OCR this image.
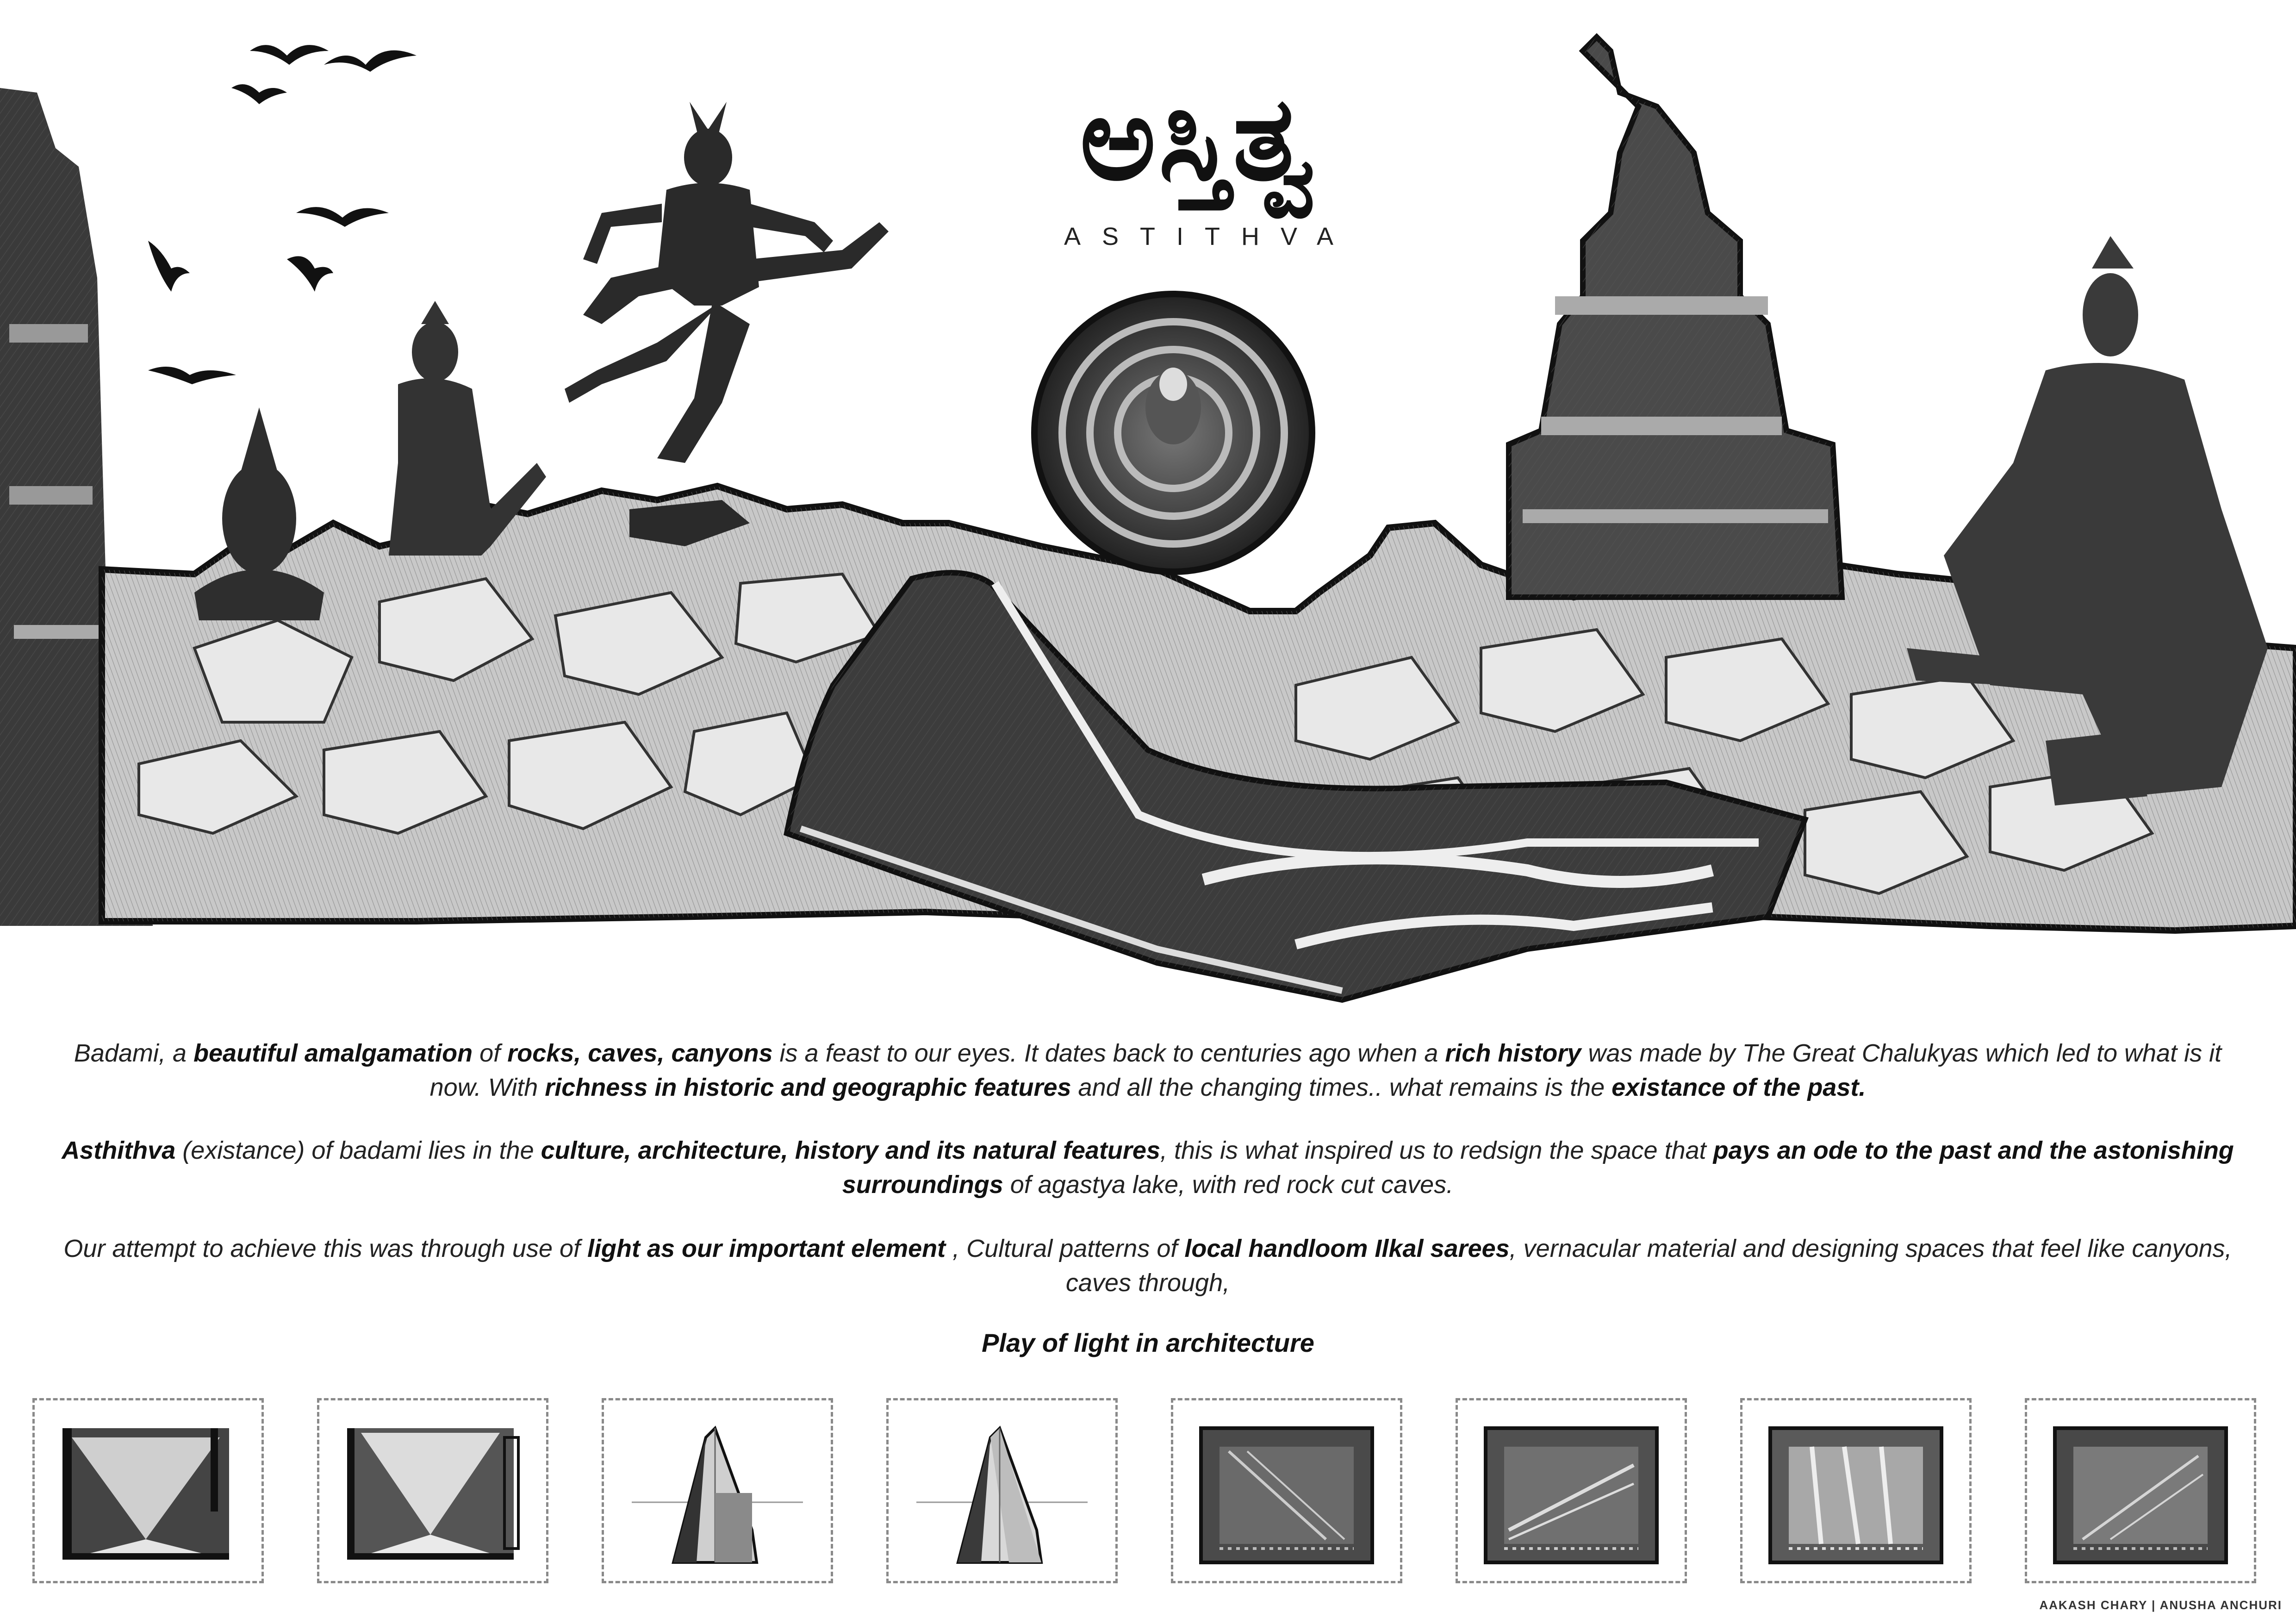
ಅಸ್ತಿತ್ವ
ASTITHVA
Badami, a beautiful amalgamation of rocks, caves, canyons is a feast to our eyes. It dates back to centuries ago when a rich history was made by The Great Chalukyas which led to what is it now. With richness in historic and geographic features and all the changing times.. what remains is the existance of the past.
Asthithva (existance) of badami lies in the culture, architecture, history and its natural features, this is what inspired us to redsign the space that pays an ode to the past and the astonishing surroundings of agastya lake, with red rock cut caves.
Our attempt to achieve this was through use of light as our important element , Cultural patterns of local handloom Ilkal sarees, vernacular material and designing spaces that feel like canyons, caves through,
Play of light in architecture
AAKASH CHARY | ANUSHA ANCHURI
